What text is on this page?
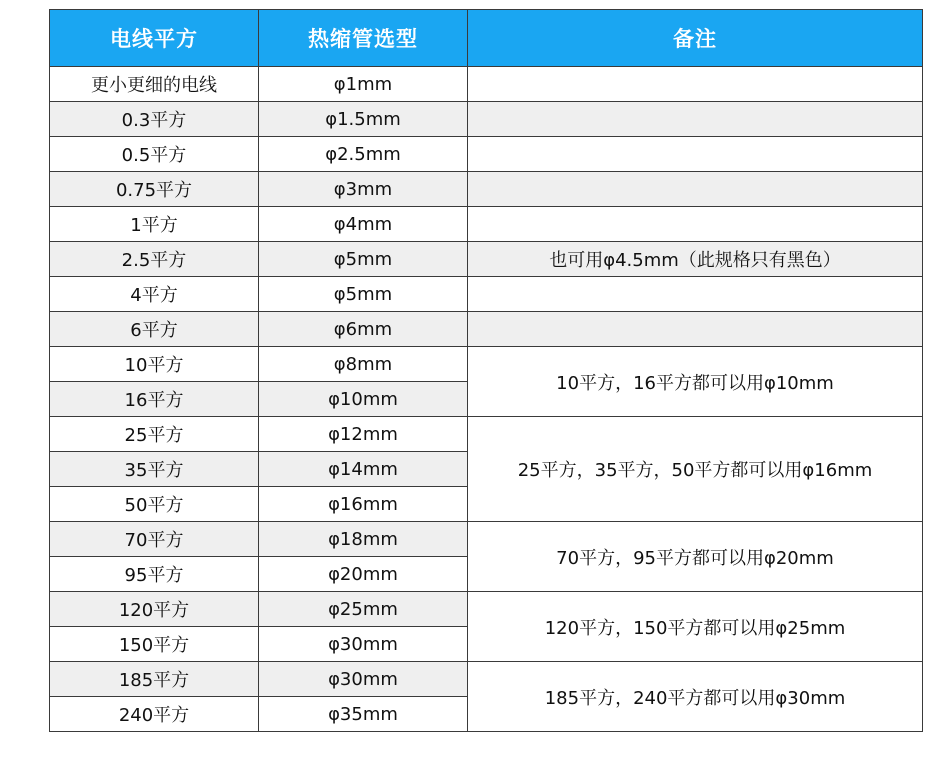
电线平方	热缩管选型	备注
更小更细的电线	φ1mm	
0.3平方	φ1.5mm	
0.5平方	φ2.5mm	
0.75平方	φ3mm	
1平方	φ4mm	
2.5平方	φ5mm	也可用φ4.5mm（此规格只有黑色）
4平方	φ5mm	
6平方	φ6mm	
10平方	φ8mm	10平方，16平方都可以用φ10mm
16平方	φ10mm	
25平方	φ12mm	25平方，35平方，50平方都可以用φ16mm
35平方	φ14mm	
50平方	φ16mm	
70平方	φ18mm	70平方，95平方都可以用φ20mm
95平方	φ20mm	
120平方	φ25mm	120平方，150平方都可以用φ25mm
150平方	φ30mm	
185平方	φ30mm	185平方，240平方都可以用φ30mm
240平方	φ35mm	
